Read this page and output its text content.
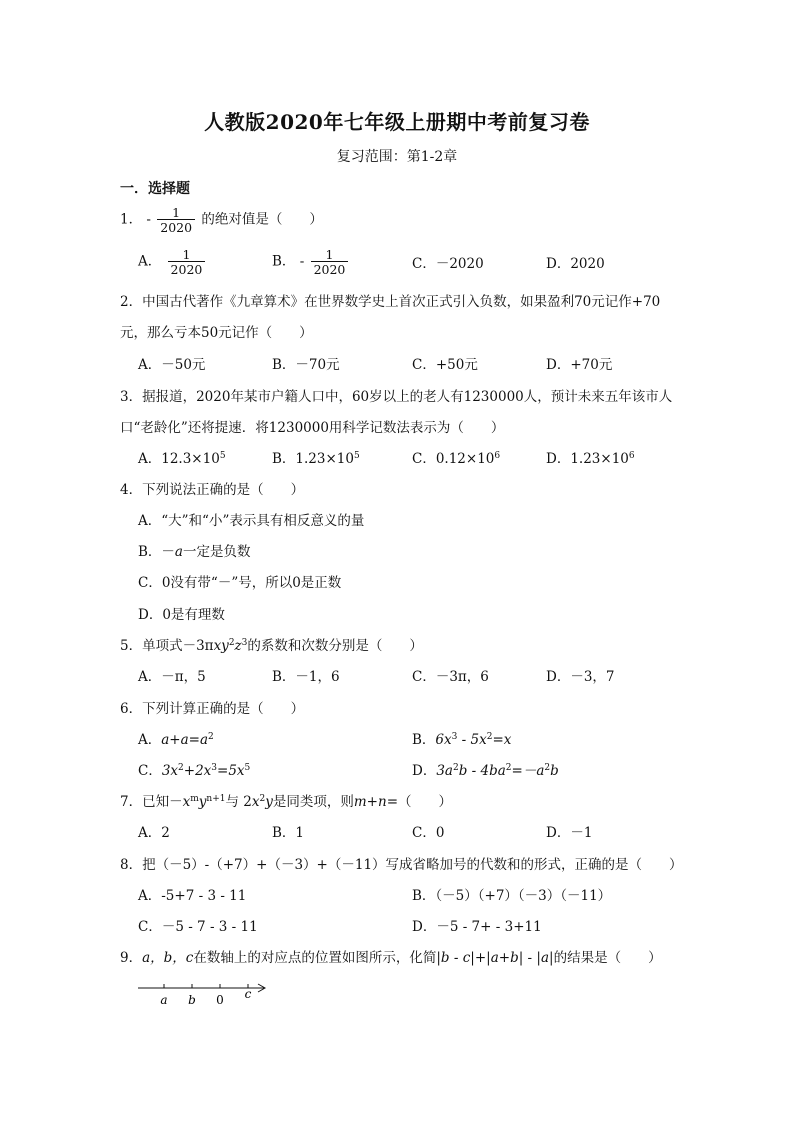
人教版2020年七年级上册期中考前复习卷
复习范围：第1-2章
一．选择题
1． - $\frac{1}{2020}$ 的绝对值是（　　）
A． $\frac{1}{2020}$	B． - $\frac{1}{2020}$	C．－2020	D．2020
2．中国古代著作《九章算术》在世界数学史上首次正式引入负数，如果盈利70元记作+70
元，那么亏本50元记作（　　）
A．－50元	B．－70元	C．+50元	D．+70元
3．据报道，2020年某市户籍人口中，60岁以上的老人有1230000人，预计未来五年该市人
口“老龄化”还将提速．将1230000用科学记数法表示为（　　）
A．$12.3\times 10^5$	B．$1.23\times 10^5$	C．$0.12\times 10^6$	D．$1.23\times 10^6$
4．下列说法正确的是（　　）
A．“大”和“小”表示具有相反意义的量
B．－a一定是负数
C．0没有带“－”号，所以0是正数
D．0是有理数
5．单项式$-3\pi xy^2z^3$的系数和次数分别是（　　）
A．－π，5	B．－1，6	C．－3π，6	D．－3，7
6．下列计算正确的是（　　）
A．$a+a=a^2$	B．$6x^3 - 5x^2=x$
C．$3x^2+2x^3=5x^5$	D．$3a^2b - 4ba^2=-a^2b$
7．已知$-x^my^{n+1}$与 $2x^2y$是同类项，则m+n=（　　）
A．2	B．1	C．0	D．－1
8．把（－5）-（+7）+（－3）+（－11）写成省略加号的代数和的形式，正确的是（　　）
A．-5+7 - 3 - 11	B．（－5）（+7）（－3）（－11）
C．－5 - 7 - 3 - 11	D．－5 - 7+ - 3+11
9．a，b，c在数轴上的对应点的位置如图所示，化简|b - c|+|a+b| - |a|的结果是（　　）
a b 0 c
